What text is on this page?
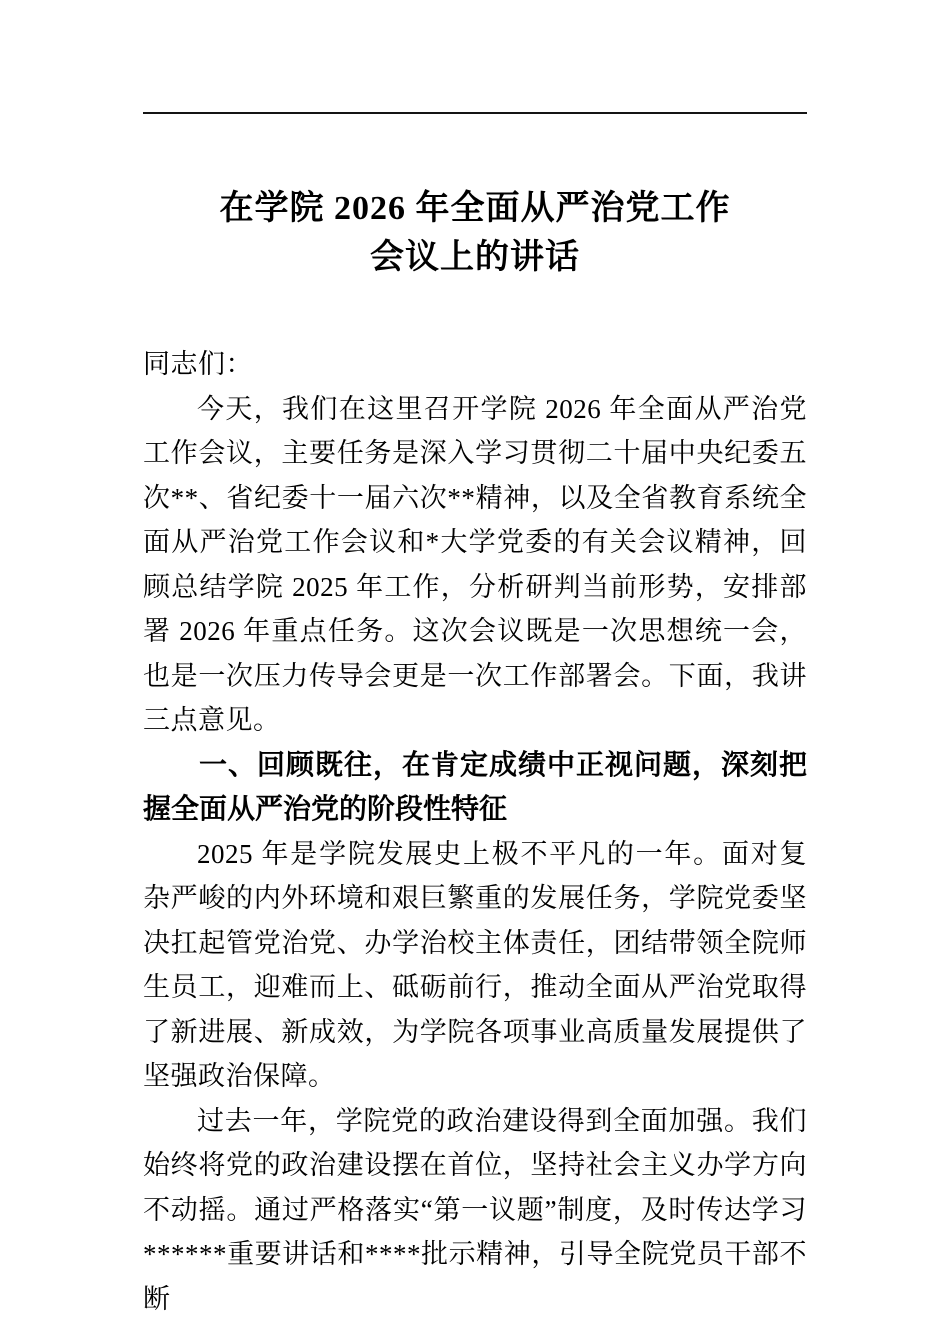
在学院 2026 年全面从严治党工作
会议上的讲话

同志们：

今天，我们在这里召开学院 2026 年全面从严治党工作会议，主要任务是深入学习贯彻二十届中央纪委五次**、省纪委十一届六次**精神，以及全省教育系统全面从严治党工作会议和*大学党委的有关会议精神，回顾总结学院 2025 年工作，分析研判当前形势，安排部署 2026 年重点任务。这次会议既是一次思想统一会，也是一次压力传导会更是一次工作部署会。下面，我讲三点意见。

一、回顾既往，在肯定成绩中正视问题，深刻把握全面从严治党的阶段性特征

2025 年是学院发展史上极不平凡的一年。面对复杂严峻的内外环境和艰巨繁重的发展任务，学院党委坚决扛起管党治党、办学治校主体责任，团结带领全院师生员工，迎难而上、砥砺前行，推动全面从严治党取得了新进展、新成效，为学院各项事业高质量发展提供了坚强政治保障。

过去一年，学院党的政治建设得到全面加强。我们始终将党的政治建设摆在首位，坚持社会主义办学方向不动摇。通过严格落实“第一议题”制度，及时传达学习******重要讲话和****批示精神，引导全院党员干部不断
